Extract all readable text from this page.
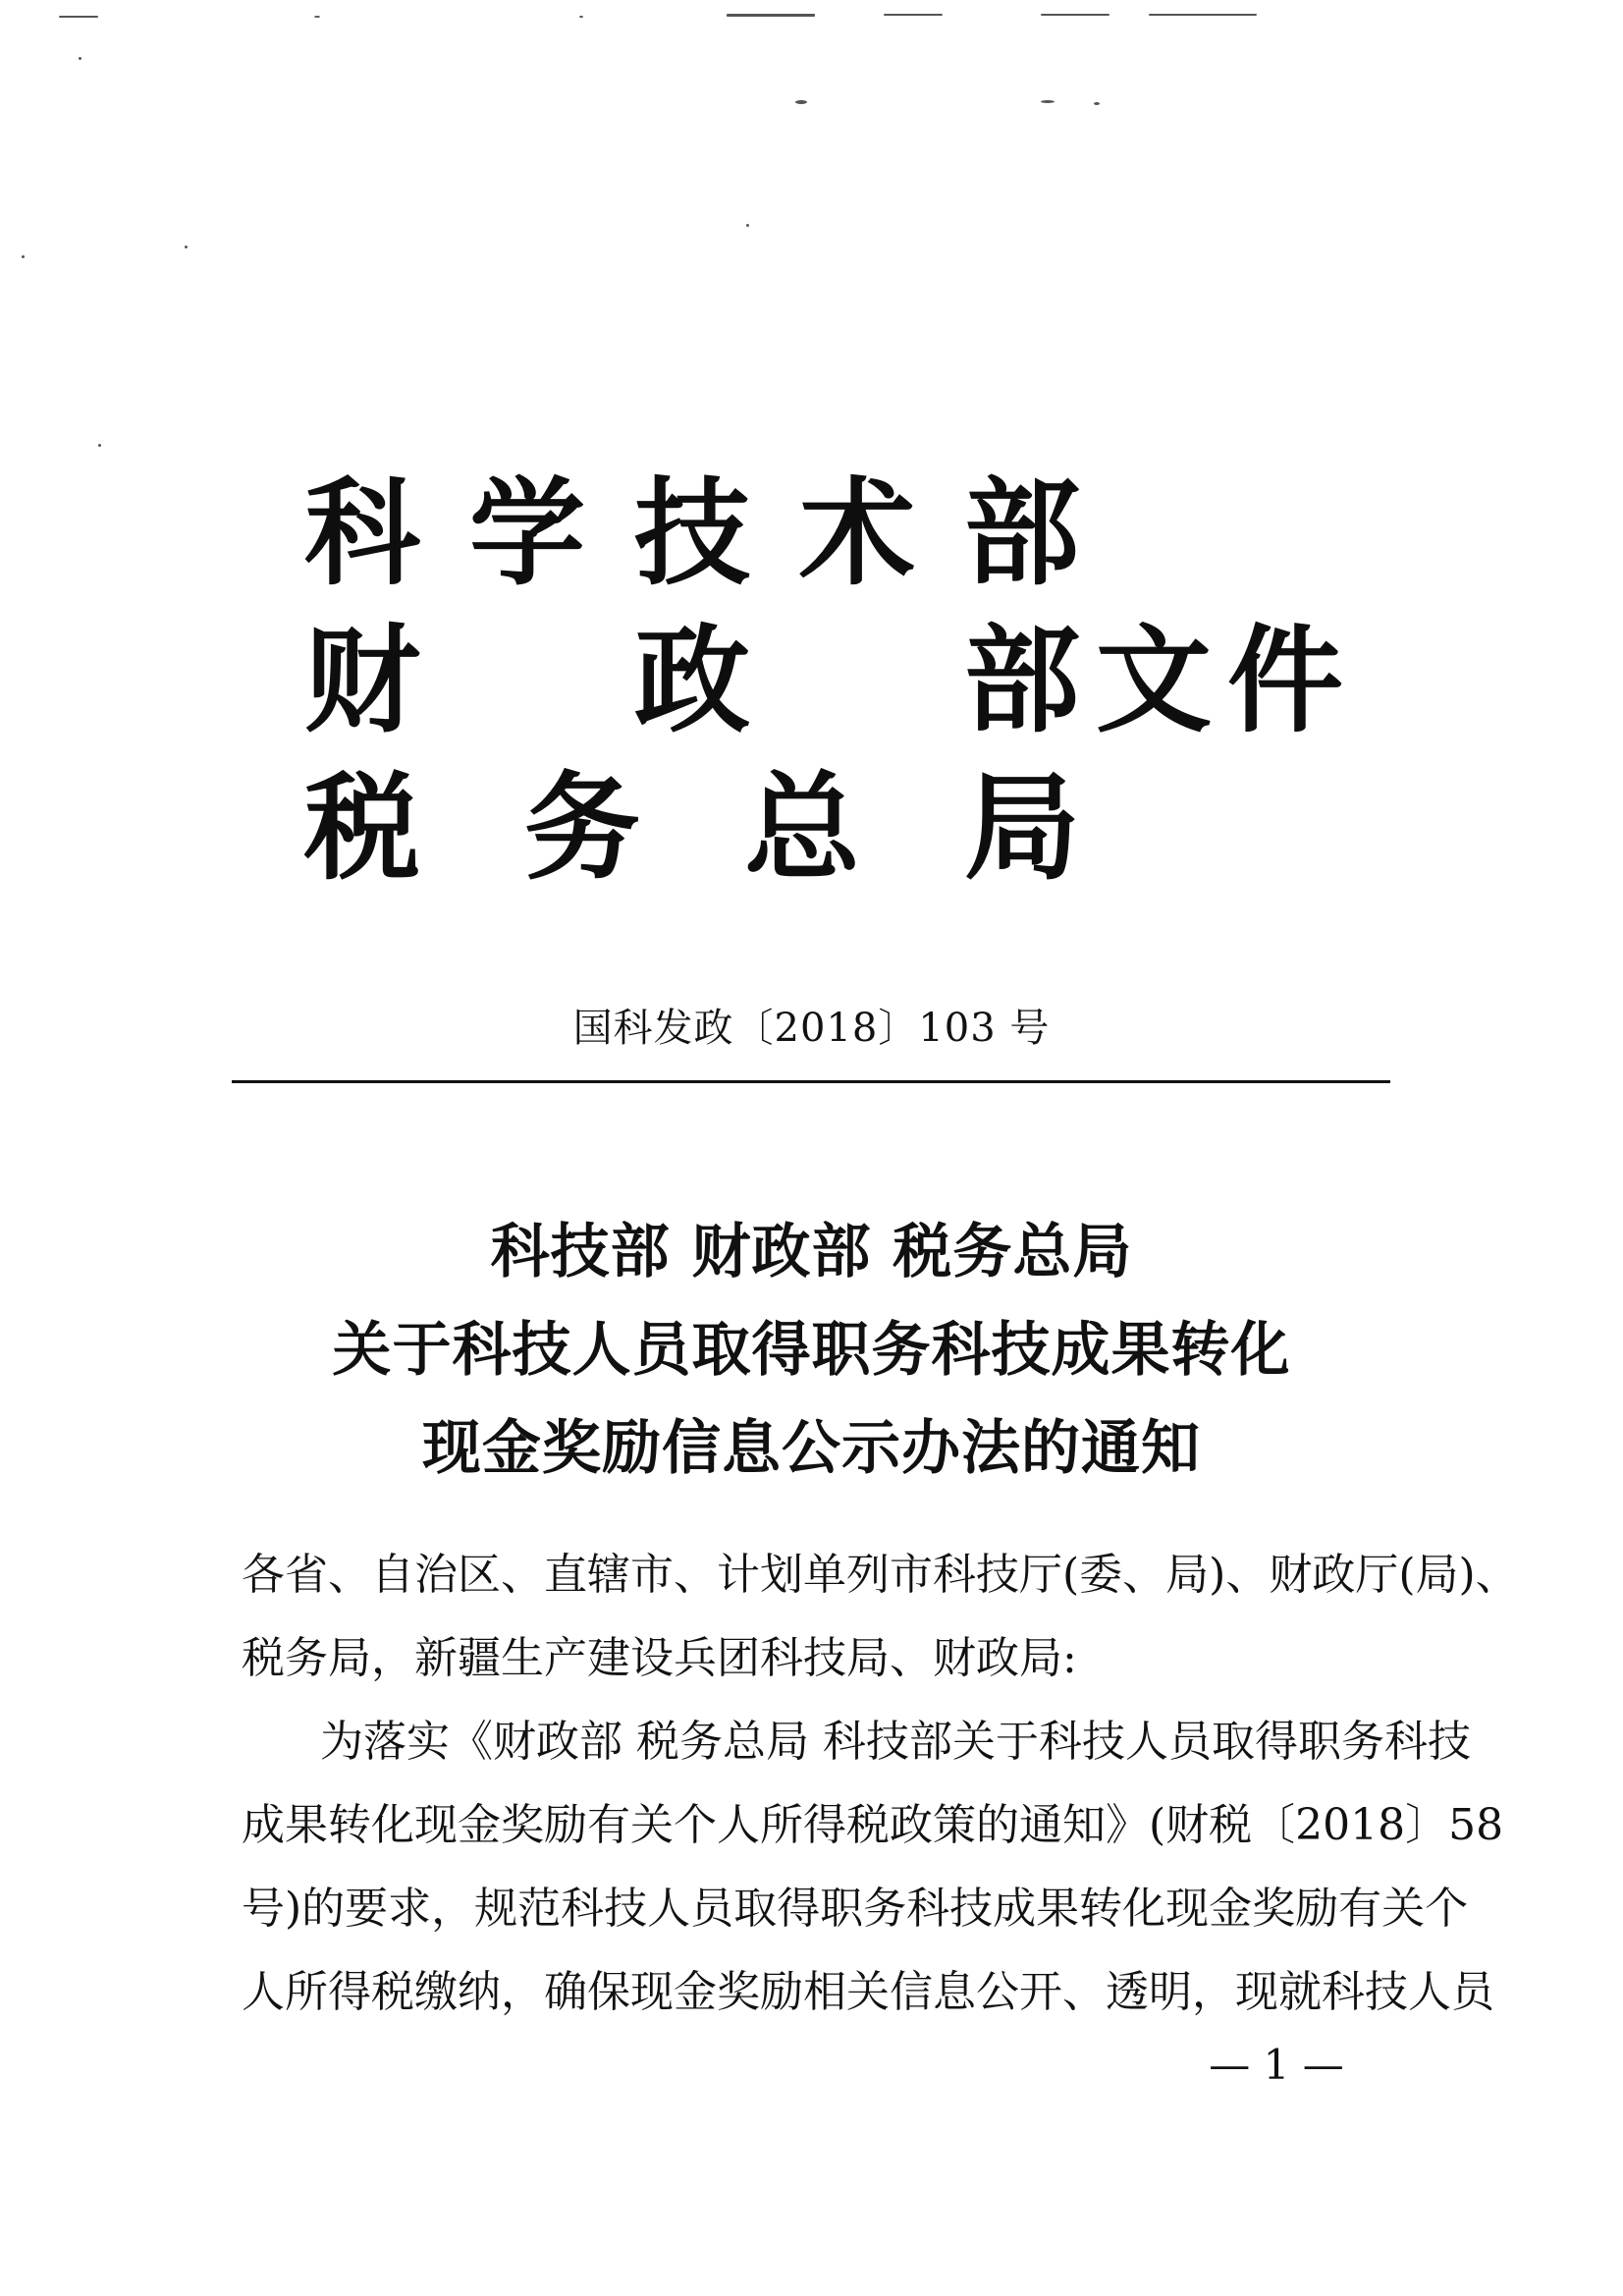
科 学 技 术 部
财 政 部 文 件
税 务 总 局
国科发政〔2018〕103 号
科技部 财政部 税务总局
关于科技人员取得职务科技成果转化
现金奖励信息公示办法的通知
各省、自治区、直辖市、计划单列市科技厅(委、局)、财政厅(局)、
税务局，新疆生产建设兵团科技局、财政局:
为落实《财政部 税务总局 科技部关于科技人员取得职务科技
成果转化现金奖励有关个人所得税政策的通知》(财税〔2018〕58
号)的要求，规范科技人员取得职务科技成果转化现金奖励有关个
人所得税缴纳，确保现金奖励相关信息公开、透明，现就科技人员
— 1 —
